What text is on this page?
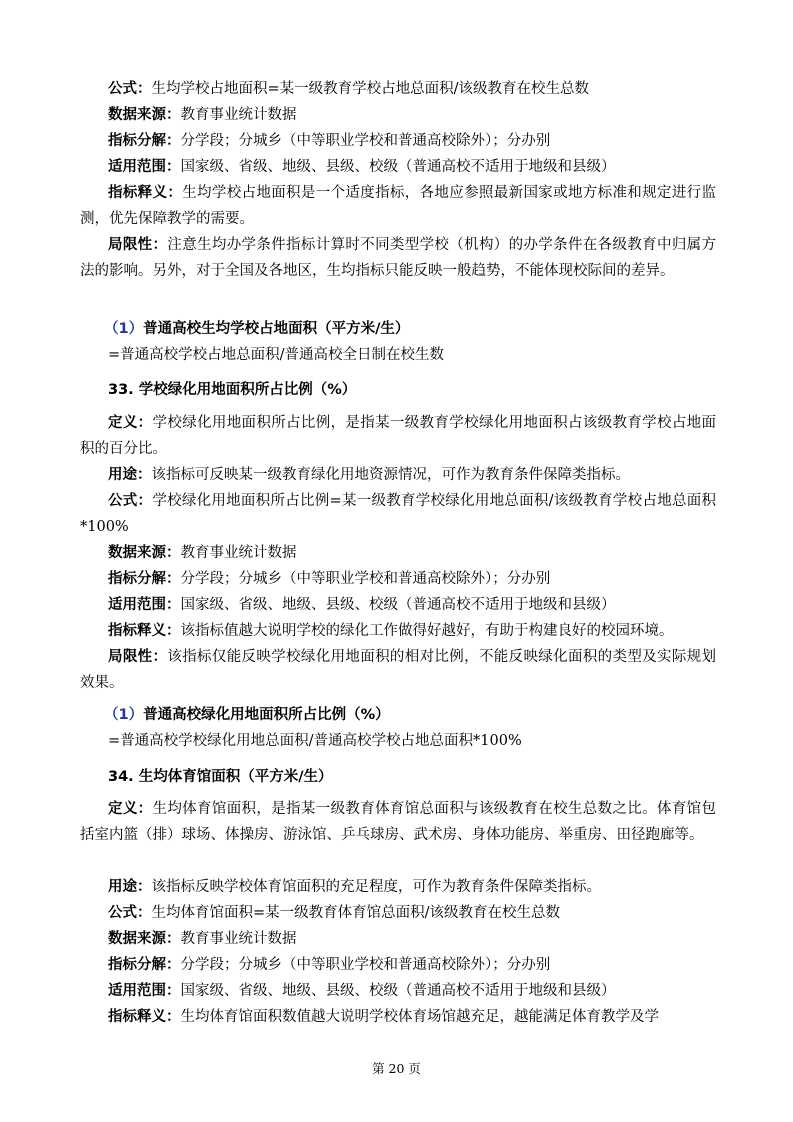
公式：生均学校占地面积=某一级教育学校占地总面积/该级教育在校生总数
数据来源：教育事业统计数据
指标分解：分学段；分城乡（中等职业学校和普通高校除外）；分办别
适用范围：国家级、省级、地级、县级、校级（普通高校不适用于地级和县级）
指标释义：生均学校占地面积是一个适度指标，各地应参照最新国家或地方标准和规定进行监测，优先保障教学的需要。
局限性：注意生均办学条件指标计算时不同类型学校（机构）的办学条件在各级教育中归属方法的影响。另外，对于全国及各地区，生均指标只能反映一般趋势，不能体现校际间的差异。
（1）普通高校生均学校占地面积（平方米/生）
=普通高校学校占地总面积/普通高校全日制在校生数
33. 学校绿化用地面积所占比例（%）
定义：学校绿化用地面积所占比例，是指某一级教育学校绿化用地面积占该级教育学校占地面积的百分比。
用途：该指标可反映某一级教育绿化用地资源情况，可作为教育条件保障类指标。
公式：学校绿化用地面积所占比例=某一级教育学校绿化用地总面积/该级教育学校占地总面积*100%
数据来源：教育事业统计数据
指标分解：分学段；分城乡（中等职业学校和普通高校除外）；分办别
适用范围：国家级、省级、地级、县级、校级（普通高校不适用于地级和县级）
指标释义：该指标值越大说明学校的绿化工作做得好越好，有助于构建良好的校园环境。
局限性：该指标仅能反映学校绿化用地面积的相对比例，不能反映绿化面积的类型及实际规划效果。
（1）普通高校绿化用地面积所占比例（%）
=普通高校学校绿化用地总面积/普通高校学校占地总面积*100%
34. 生均体育馆面积（平方米/生）
定义：生均体育馆面积，是指某一级教育体育馆总面积与该级教育在校生总数之比。体育馆包括室内篮（排）球场、体操房、游泳馆、乒乓球房、武术房、身体功能房、举重房、田径跑廊等。
用途：该指标反映学校体育馆面积的充足程度，可作为教育条件保障类指标。
公式：生均体育馆面积=某一级教育体育馆总面积/该级教育在校生总数
数据来源：教育事业统计数据
指标分解：分学段；分城乡（中等职业学校和普通高校除外）；分办别
适用范围：国家级、省级、地级、县级、校级（普通高校不适用于地级和县级）
指标释义：生均体育馆面积数值越大说明学校体育场馆越充足，越能满足体育教学及学
第 20 页
